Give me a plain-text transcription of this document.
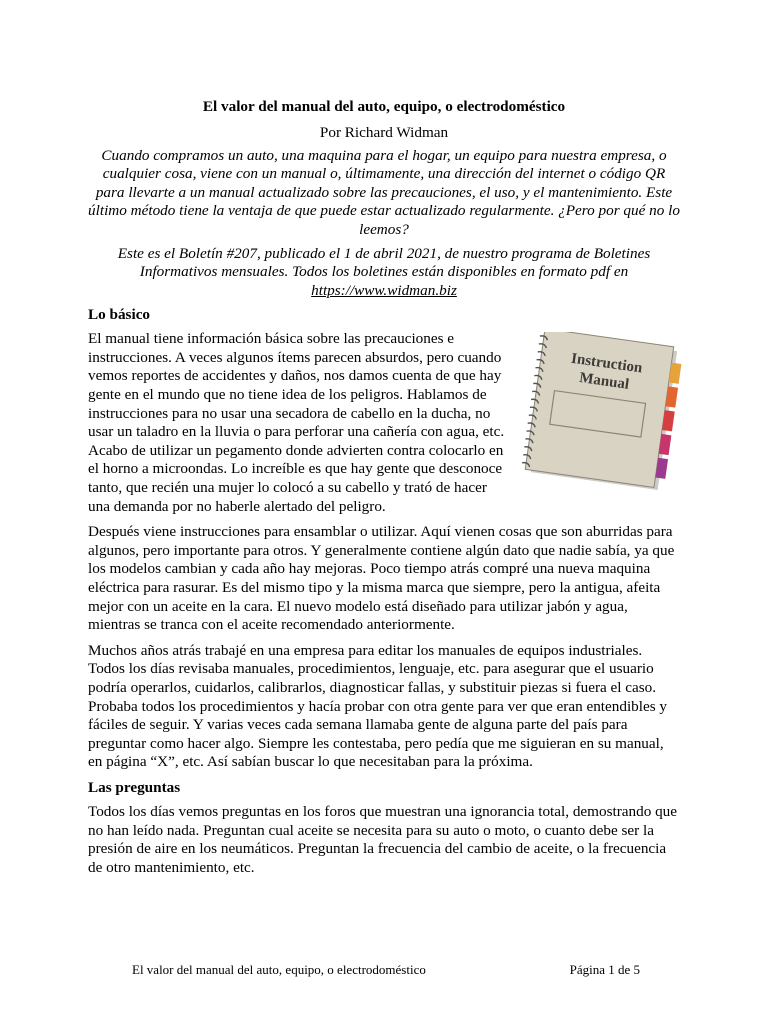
El valor del manual del auto, equipo, o electrodoméstico
Por Richard Widman
Cuando compramos un auto, una maquina para el hogar, un equipo para nuestra empresa, o cualquier cosa, viene con un manual o, últimamente, una dirección del internet o código QR para llevarte a un manual actualizado sobre las precauciones, el uso, y el mantenimiento. Este último método tiene la ventaja de que puede estar actualizado regularmente. ¿Pero por qué no lo leemos?
Este es el Boletín #207, publicado el 1 de abril 2021, de nuestro programa de Boletines Informativos mensuales. Todos los boletines están disponibles en formato pdf en https://www.widman.biz
Lo básico
Instruction
Manual

El manual tiene información básica sobre las precauciones e instrucciones. A veces algunos ítems parecen absurdos, pero cuando vemos reportes de accidentes y daños, nos damos cuenta de que hay gente en el mundo que no tiene idea de los peligros. Hablamos de instrucciones para no usar una secadora de cabello en la ducha, no usar un taladro en la lluvia o para perforar una cañería con agua, etc. Acabo de utilizar un pegamento donde advierten contra colocarlo en el horno a microondas. Lo increíble es que hay gente que desconoce tanto, que recién una mujer lo colocó a su cabello y trató de hacer una demanda por no haberle alertado del peligro.

Después viene instrucciones para ensamblar o utilizar. Aquí vienen cosas que son aburridas para algunos, pero importante para otros. Y generalmente contiene algún dato que nadie sabía, ya que los modelos cambian y cada año hay mejoras. Poco tiempo atrás compré una nueva maquina eléctrica para rasurar. Es del mismo tipo y la misma marca que siempre, pero la antigua, afeita mejor con un aceite en la cara. El nuevo modelo está diseñado para utilizar jabón y agua, mientras se tranca con el aceite recomendado anteriormente.

Muchos años atrás trabajé en una empresa para editar los manuales de equipos industriales. Todos los días revisaba manuales, procedimientos, lenguaje, etc. para asegurar que el usuario podría operarlos, cuidarlos, calibrarlos, diagnosticar fallas, y substituir piezas si fuera el caso. Probaba todos los procedimientos y hacía probar con otra gente para ver que eran entendibles y fáciles de seguir. Y varias veces cada semana llamaba gente de alguna parte del país para preguntar como hacer algo. Siempre les contestaba, pero pedía que me siguieran en su manual, en página “X”, etc. Así sabían buscar lo que necesitaban para la próxima.

Las preguntas

Todos los días vemos preguntas en los foros que muestran una ignorancia total, demostrando que no han leído nada. Preguntan cual aceite se necesita para su auto o moto, o cuanto debe ser la presión de aire en los neumáticos. Preguntan la frecuencia del cambio de aceite, o la frecuencia de otro mantenimiento, etc.

El valor del manual del auto, equipo, o electrodoméstico	Página 1 de 5
